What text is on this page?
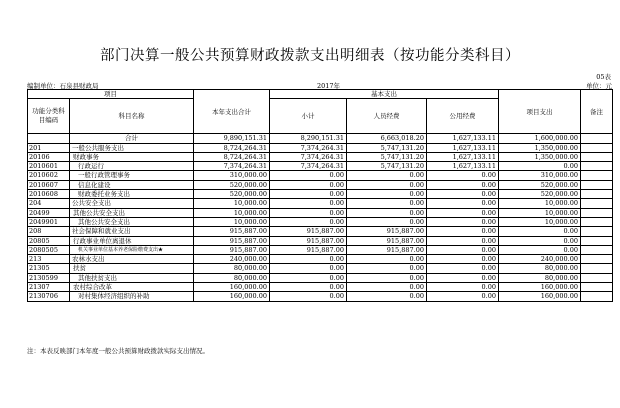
部门决算一般公共预算财政拨款支出明细表（按功能分类科目）
05表
编制单位：石泉县财政局	2017年	单位：元
项目		本年支出合计	基本支出			项目支出	备注
功能分类科目编码	科目名称		小计	人员经费	公用经费		

	合计	9,890,151.31	8,290,151.31	6,663,018.20	1,627,133.11	1,600,000.00	
201	一般公共服务支出	8,724,264.31	7,374,264.31	5,747,131.20	1,627,133.11	1,350,000.00	
20106	财政事务	8,724,264.31	7,374,264.31	5,747,131.20	1,627,133.11	1,350,000.00	
2010601	行政运行	7,374,264.31	7,374,264.31	5,747,131.20	1,627,133.11	0.00	
2010602	一般行政管理事务	310,000.00	0.00	0.00	0.00	310,000.00	
2010607	信息化建设	520,000.00	0.00	0.00	0.00	520,000.00	
2010608	财政委托业务支出	520,000.00	0.00	0.00	0.00	520,000.00	
204	公共安全支出	10,000.00	0.00	0.00	0.00	10,000.00	
20499	其他公共安全支出	10,000.00	0.00	0.00	0.00	10,000.00	
2049901	其他公共安全支出	10,000.00	0.00	0.00	0.00	10,000.00	
208	社会保障和就业支出	915,887.00	915,887.00	915,887.00	0.00	0.00	
20805	行政事业单位离退休	915,887.00	915,887.00	915,887.00	0.00	0.00	
2080505	机关事业单位基本养老保险缴费支出★	915,887.00	915,887.00	915,887.00	0.00	0.00	
213	农林水支出	240,000.00	0.00	0.00	0.00	240,000.00	
21305	扶贫	80,000.00	0.00	0.00	0.00	80,000.00	
2130599	其他扶贫支出	80,000.00	0.00	0.00	0.00	80,000.00	
21307	农村综合改革	160,000.00	0.00	0.00	0.00	160,000.00	
2130706	对村集体经济组织的补助	160,000.00	0.00	0.00	0.00	160,000.00	
注：本表反映部门本年度一般公共预算财政拨款实际支出情况。
